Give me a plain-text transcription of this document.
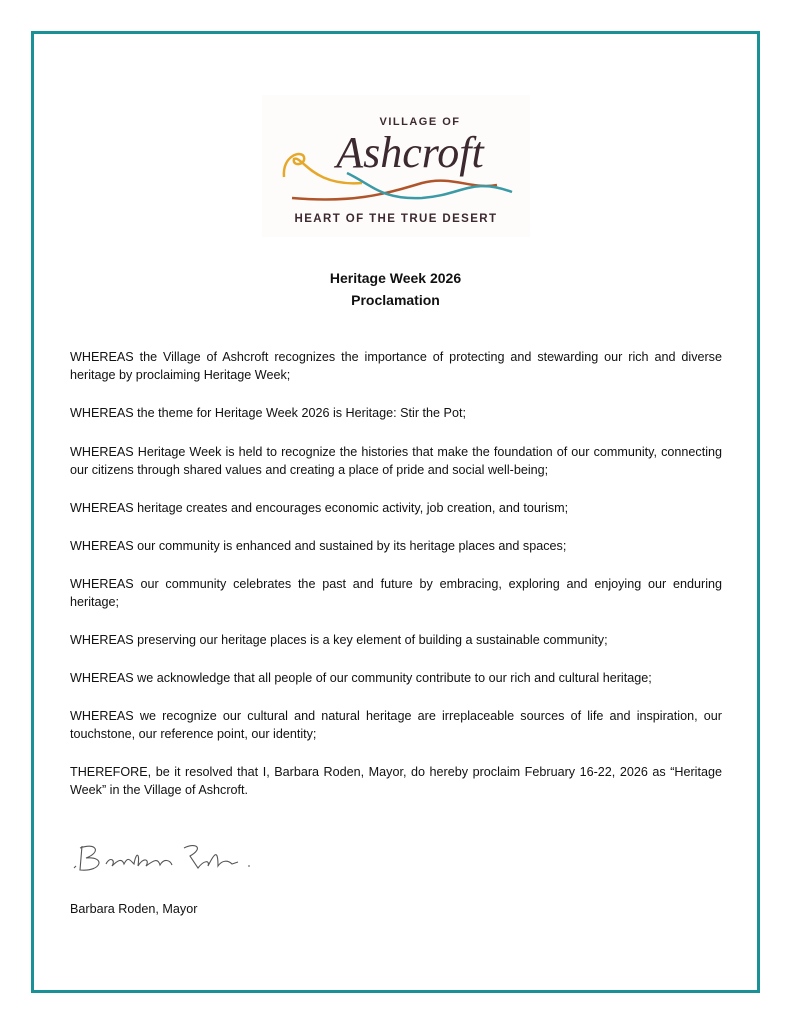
VILLAGE OF
Ashcroft
HEART OF THE TRUE DESERT
Heritage Week 2026
Proclamation
WHEREAS the Village of Ashcroft recognizes the importance of protecting and stewarding our rich and diverse heritage by proclaiming Heritage Week;
WHEREAS the theme for Heritage Week 2026 is Heritage: Stir the Pot;
WHEREAS Heritage Week is held to recognize the histories that make the foundation of our community, connecting our citizens through shared values and creating a place of pride and social well-being;
WHEREAS heritage creates and encourages economic activity, job creation, and tourism;
WHEREAS our community is enhanced and sustained by its heritage places and spaces;
WHEREAS our community celebrates the past and future by embracing, exploring and enjoying our enduring heritage;
WHEREAS preserving our heritage places is a key element of building a sustainable community;
WHEREAS we acknowledge that all people of our community contribute to our rich and cultural heritage;
WHEREAS we recognize our cultural and natural heritage are irreplaceable sources of life and inspiration, our touchstone, our reference point, our identity;
THEREFORE, be it resolved that I, Barbara Roden, Mayor, do hereby proclaim February 16-22, 2026 as “Heritage Week” in the Village of Ashcroft.
Barbara Roden, Mayor
